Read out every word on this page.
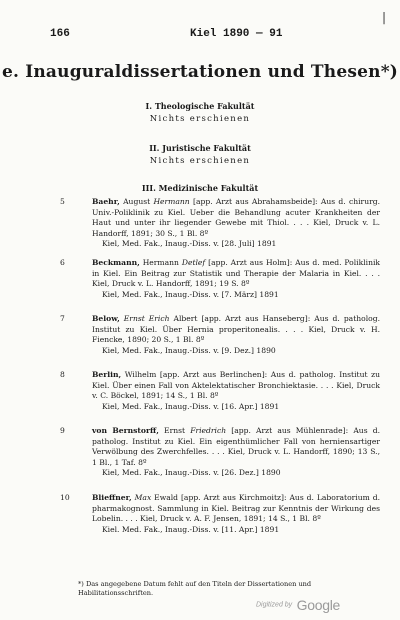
166	Kiel 1890 — 91
|
e. Inauguraldissertationen und Thesen*)
I. Theologische Fakultät
Nichts erschienen
II. Juristische Fakultät
Nichts erschienen
III. Medizinische Fakultät
5	Baehr, August Hermann [app. Arzt aus Abrahamsbeide]: Aus d. chirurg. Univ.-Poliklinik zu Kiel. Ueber die Behandlung acuter Krankheiten der Haut und unter ihr liegender Gewebe mit Thiol. . . . Kiel, Druck v. L. Handorff, 1891; 30 S., 1 Bl. 8º
Kiel, Med. Fak., Inaug.-Diss. v. [28. Juli] 1891
6	Beckmann, Hermann Detlef [app. Arzt aus Holm]: Aus d. med. Poliklinik in Kiel. Ein Beitrag zur Statistik und Therapie der Malaria in Kiel. . . . Kiel, Druck v. L. Handorff, 1891; 19 S. 8º
Kiel, Med. Fak., Inaug.-Diss. v. [7. März] 1891
7	Below, Ernst Erich Albert [app. Arzt aus Hanseberg]: Aus d. patholog. Institut zu Kiel. Über Hernia properitonealis. . . . Kiel, Druck v. H. Fiencke, 1890; 20 S., 1 Bl. 8º
Kiel, Med. Fak., Inaug.-Diss. v. [9. Dez.] 1890
8	Berlin, Wilhelm [app. Arzt aus Berlinchen]: Aus d. patholog. Institut zu Kiel. Über einen Fall von Aktelektatischer Bronchiektasie. . . . Kiel, Druck v. C. Böckel, 1891; 14 S., 1 Bl. 8º
Kiel, Med. Fak., Inaug.-Diss. v. [16. Apr.] 1891
9	von Bernstorff, Ernst Friedrich [app. Arzt aus Mühlenrade]: Aus d. patholog. Institut zu Kiel. Ein eigenthümlicher Fall von herniensartiger Verwölbung des Zwerchfelles. . . . Kiel, Druck v. L. Handorff, 1890; 13 S., 1 Bl., 1 Taf. 8º
Kiel, Med. Fak., Inaug.-Diss. v. [26. Dez.] 1890
10	Blieffner, Max Ewald [app. Arzt aus Kirchmoitz]: Aus d. Laboratorium d. pharmakognost. Sammlung in Kiel. Beitrag zur Kenntnis der Wirkung des Lobelin. . . . Kiel, Druck v. A. F. Jensen, 1891; 14 S., 1 Bl. 8º
Kiel. Med. Fak., Inaug.-Diss. v. [11. Apr.] 1891
*) Das angegebene Datum fehlt auf den Titeln der Dissertationen und Habilitationsschriften.
Digitized by Google
